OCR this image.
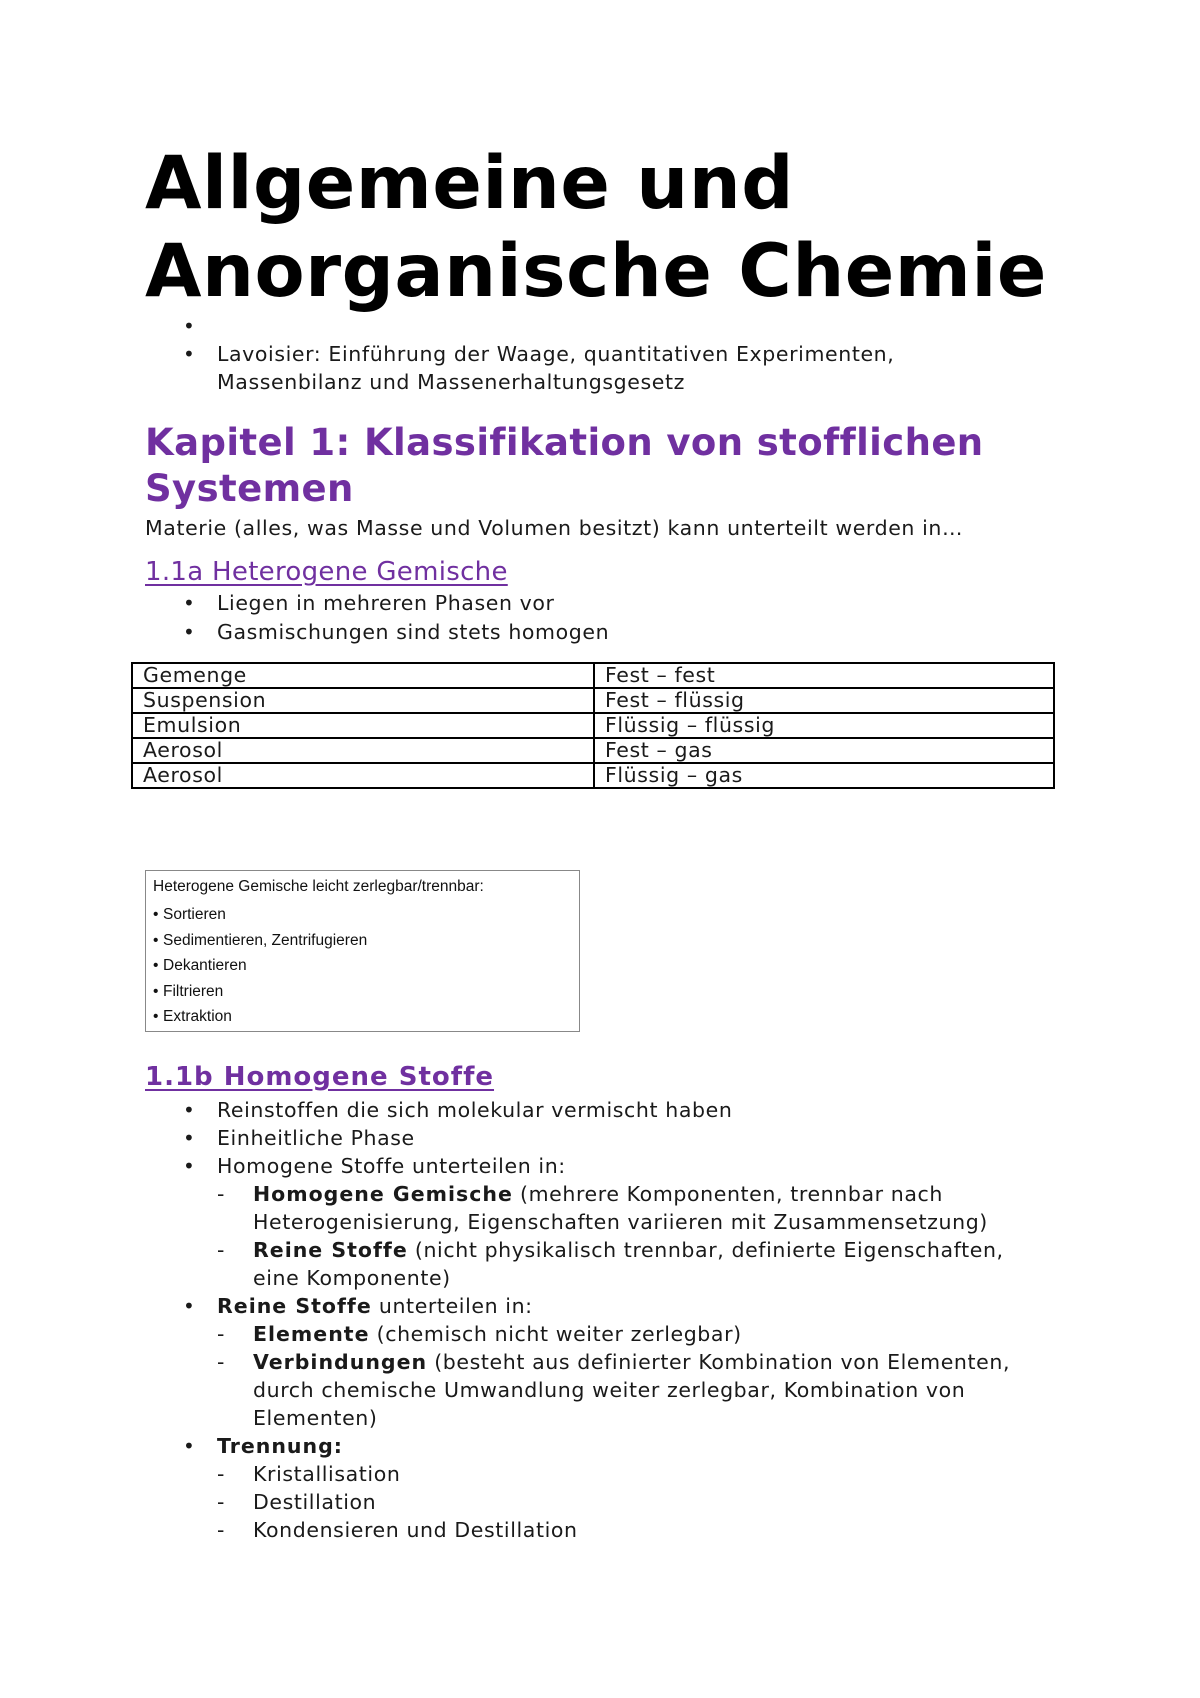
Allgemeine und
Anorganische Chemie
•
• Lavoisier: Einführung der Waage, quantitativen Experimenten, Massenbilanz und Massenerhaltungsgesetz
Kapitel 1: Klassifikation von stofflichen Systemen

Materie (alles, was Masse und Volumen besitzt) kann unterteilt werden in…

1.1a Heterogene Gemische
• Liegen in mehreren Phasen vor
• Gasmischungen sind stets homogen
Gemenge	Fest – fest
Suspension	Fest – flüssig
Emulsion	Flüssig – flüssig
Aerosol	Fest – gas
Aerosol	Flüssig – gas
Heterogene Gemische leicht zerlegbar/trennbar:
• Sortieren
• Sedimentieren, Zentrifugieren
• Dekantieren
• Filtrieren
• Extraktion
1.1b Homogene Stoffe
• Reinstoffen die sich molekular vermischt haben
• Einheitliche Phase
• Homogene Stoffe unterteilen in:
- Homogene Gemische (mehrere Komponenten, trennbar nach Heterogenisierung, Eigenschaften variieren mit Zusammensetzung)
- Reine Stoffe (nicht physikalisch trennbar, definierte Eigenschaften, eine Komponente)
• Reine Stoffe unterteilen in:
- Elemente (chemisch nicht weiter zerlegbar)
- Verbindungen (besteht aus definierter Kombination von Elementen, durch chemische Umwandlung weiter zerlegbar, Kombination von Elementen)
• Trennung:
- Kristallisation
- Destillation
- Kondensieren und Destillation
